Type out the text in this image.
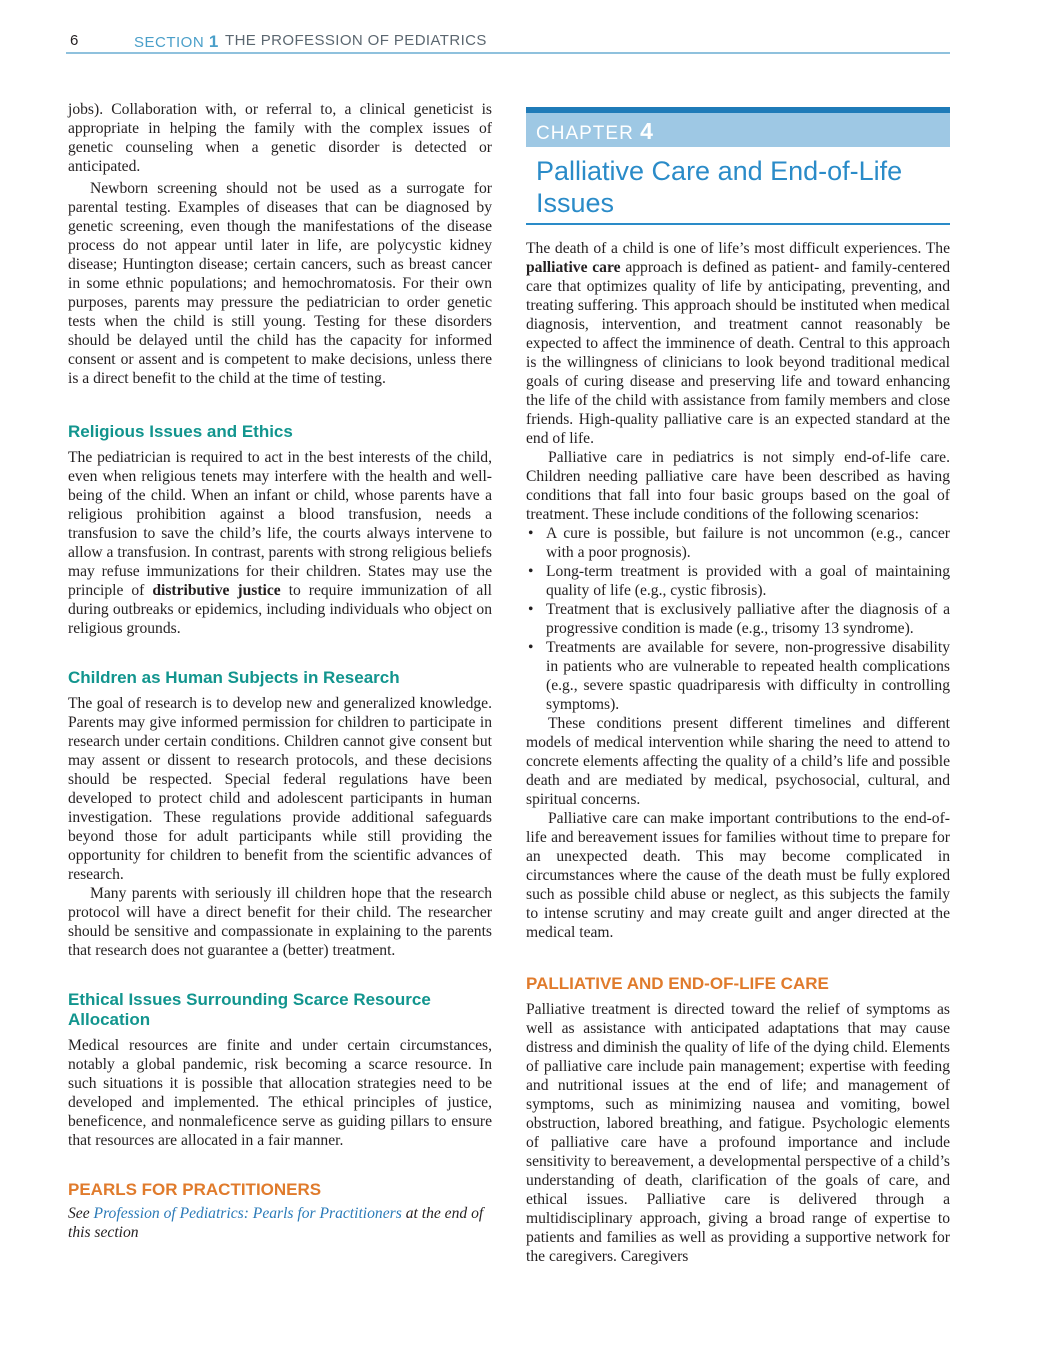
6	SECTION 1 THE PROFESSION OF PEDIATRICS

jobs). Collaboration with, or referral to, a clinical geneticist is appropriate in helping the family with the complex issues of genetic counseling when a genetic disorder is detected or anticipated.

Newborn screening should not be used as a surrogate for parental testing. Examples of diseases that can be diagnosed by genetic screening, even though the manifestations of the disease process do not appear until later in life, are polycystic kidney disease; Huntington disease; certain cancers, such as breast cancer in some ethnic populations; and hemochromatosis. For their own purposes, parents may pressure the pediatrician to order genetic tests when the child is still young. Testing for these disorders should be delayed until the child has the capacity for informed consent or assent and is competent to make decisions, unless there is a direct benefit to the child at the time of testing.

Religious Issues and Ethics

The pediatrician is required to act in the best interests of the child, even when religious tenets may interfere with the health and well-being of the child. When an infant or child, whose parents have a religious prohibition against a blood transfusion, needs a transfusion to save the child’s life, the courts always intervene to allow a transfusion. In contrast, parents with strong religious beliefs may refuse immunizations for their children. States may use the principle of distributive justice to require immunization of all during outbreaks or epidemics, including individuals who object on religious grounds.

Children as Human Subjects in Research

The goal of research is to develop new and generalized knowledge. Parents may give informed permission for children to participate in research under certain conditions. Children cannot give consent but may assent or dissent to research protocols, and these decisions should be respected. Special federal regulations have been developed to protect child and adolescent participants in human investigation. These regulations provide additional safeguards beyond those for adult participants while still providing the opportunity for children to benefit from the scientific advances of research.

Many parents with seriously ill children hope that the research protocol will have a direct benefit for their child. The researcher should be sensitive and compassionate in explaining to the parents that research does not guarantee a (better) treatment.

Ethical Issues Surrounding Scarce Resource Allocation

Medical resources are finite and under certain circumstances, notably a global pandemic, risk becoming a scarce resource. In such situations it is possible that allocation strategies need to be developed and implemented. The ethical principles of justice, beneficence, and nonmaleficence serve as guiding pillars to ensure that resources are allocated in a fair manner.

PEARLS FOR PRACTITIONERS

See Profession of Pediatrics: Pearls for Practitioners at the end of this section

CHAPTER 4
Palliative Care and End-of-Life Issues

The death of a child is one of life’s most difficult experiences. The palliative care approach is defined as patient- and family-centered care that optimizes quality of life by anticipating, preventing, and treating suffering. This approach should be instituted when medical diagnosis, intervention, and treatment cannot reasonably be expected to affect the imminence of death. Central to this approach is the willingness of clinicians to look beyond traditional medical goals of curing disease and preserving life and toward enhancing the life of the child with assistance from family members and close friends. High-quality palliative care is an expected standard at the end of life.

Palliative care in pediatrics is not simply end-of-life care. Children needing palliative care have been described as having conditions that fall into four basic groups based on the goal of treatment. These include conditions of the following scenarios:

• A cure is possible, but failure is not uncommon (e.g., cancer with a poor prognosis).
• Long-term treatment is provided with a goal of maintaining quality of life (e.g., cystic fibrosis).
• Treatment that is exclusively palliative after the diagnosis of a progressive condition is made (e.g., trisomy 13 syndrome).
• Treatments are available for severe, non-progressive disability in patients who are vulnerable to repeated health complications (e.g., severe spastic quadriparesis with difficulty in controlling symptoms).

These conditions present different timelines and different models of medical intervention while sharing the need to attend to concrete elements affecting the quality of a child’s life and possible death and are mediated by medical, psychosocial, cultural, and spiritual concerns.

Palliative care can make important contributions to the end-of-life and bereavement issues for families without time to prepare for an unexpected death. This may become complicated in circumstances where the cause of the death must be fully explored such as possible child abuse or neglect, as this subjects the family to intense scrutiny and may create guilt and anger directed at the medical team.

PALLIATIVE AND END-OF-LIFE CARE

Palliative treatment is directed toward the relief of symptoms as well as assistance with anticipated adaptations that may cause distress and diminish the quality of life of the dying child. Elements of palliative care include pain management; expertise with feeding and nutritional issues at the end of life; and management of symptoms, such as minimizing nausea and vomiting, bowel obstruction, labored breathing, and fatigue. Psychologic elements of palliative care have a profound importance and include sensitivity to bereavement, a developmental perspective of a child’s understanding of death, clarification of the goals of care, and ethical issues. Palliative care is delivered through a multidisciplinary approach, giving a broad range of expertise to patients and families as well as providing a supportive network for the caregivers. Caregivers
